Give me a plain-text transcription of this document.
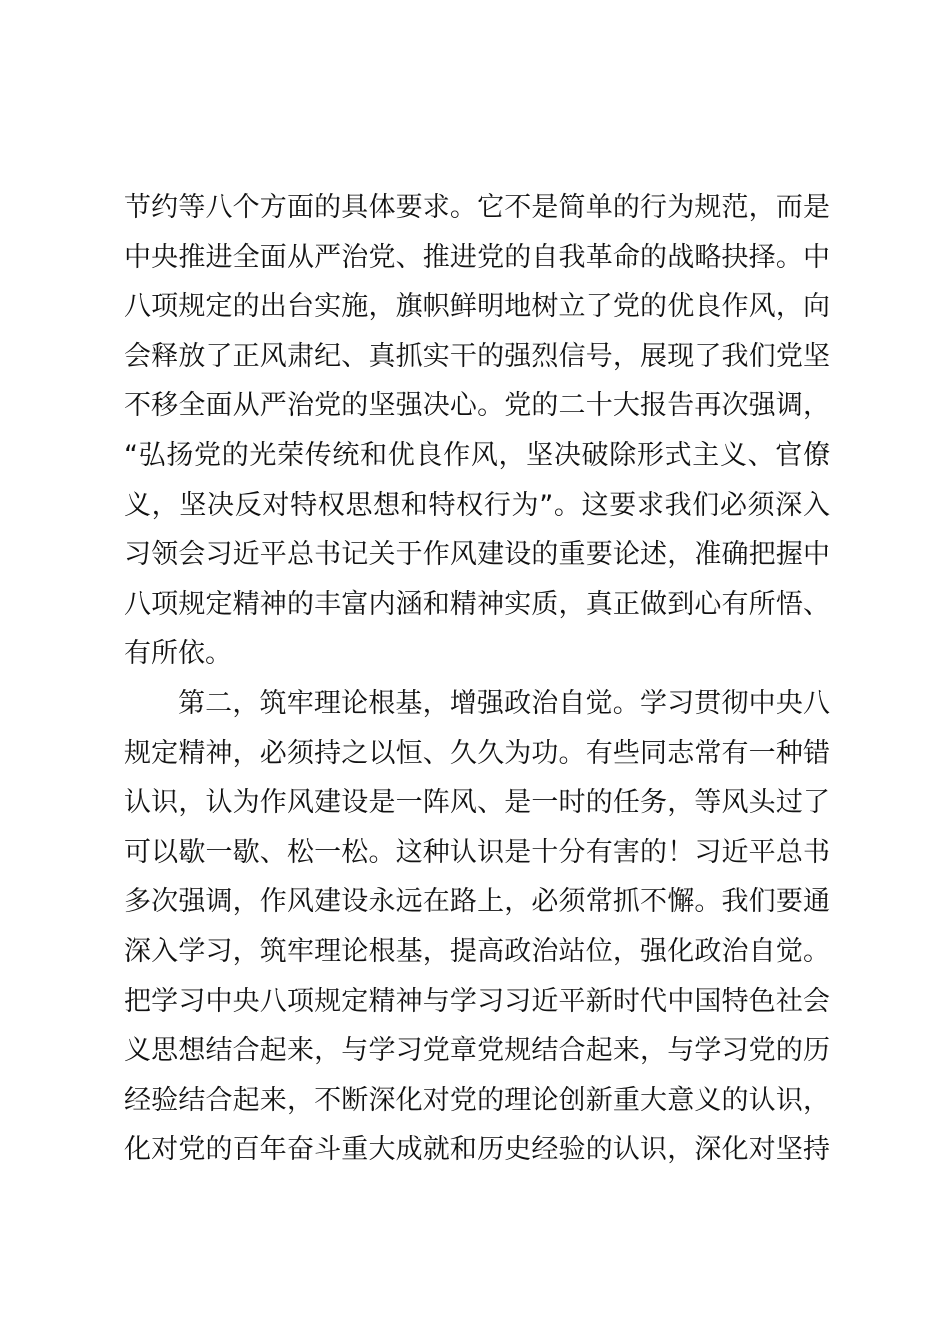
节约等八个方面的具体要求。它不是简单的行为规范，而是
中央推进全面从严治党、推进党的自我革命的战略抉择。中
八项规定的出台实施，旗帜鲜明地树立了党的优良作风，向
会释放了正风肃纪、真抓实干的强烈信号，展现了我们党坚
不移全面从严治党的坚强决心。党的二十大报告再次强调，
“弘扬党的光荣传统和优良作风，坚决破除形式主义、官僚
义，坚决反对特权思想和特权行为”。这要求我们必须深入
习领会习近平总书记关于作风建设的重要论述，准确把握中
八项规定精神的丰富内涵和精神实质，真正做到心有所悟、
有所依。
第二，筑牢理论根基，增强政治自觉。学习贯彻中央八
规定精神，必须持之以恒、久久为功。有些同志常有一种错
认识，认为作风建设是一阵风、是一时的任务，等风头过了
可以歇一歇、松一松。这种认识是十分有害的！习近平总书
多次强调，作风建设永远在路上，必须常抓不懈。我们要通
深入学习，筑牢理论根基，提高政治站位，强化政治自觉。
把学习中央八项规定精神与学习习近平新时代中国特色社会
义思想结合起来，与学习党章党规结合起来，与学习党的历
经验结合起来，不断深化对党的理论创新重大意义的认识，
化对党的百年奋斗重大成就和历史经验的认识，深化对坚持
